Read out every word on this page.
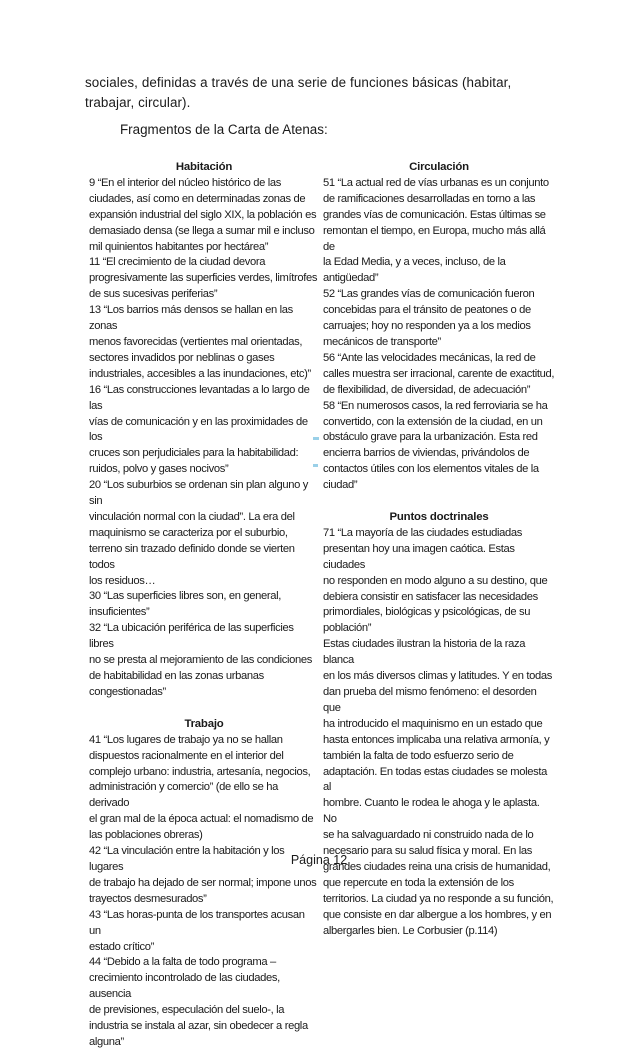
sociales, definidas a través de una serie de funciones básicas (habitar, trabajar, circular).
Fragmentos de la Carta de Atenas:
Habitación

9 “En el interior del núcleo histórico de las
ciudades, así como en determinadas zonas de
expansión industrial del siglo XIX, la población es
demasiado densa (se llega a sumar mil e incluso
mil quinientos habitantes por hectárea”
11 “El crecimiento de la ciudad devora
progresivamente las superficies verdes, limítrofes
de sus sucesivas periferias”
13 “Los barrios más densos se hallan en las zonas
menos favorecidas (vertientes mal orientadas,
sectores invadidos por neblinas o gases
industriales, accesibles a las inundaciones, etc)”
16 “Las construcciones levantadas a lo largo de las
vías de comunicación y en las proximidades de los
cruces son perjudiciales para la habitabilidad:
ruidos, polvo y gases nocivos”
20 “Los suburbios se ordenan sin plan alguno y sin
vinculación normal con la ciudad”. La era del
maquinismo se caracteriza por el suburbio,
terreno sin trazado definido donde se vierten todos
los residuos…
30 “Las superficies libres son, en general,
insuficientes”
32 “La ubicación periférica de las superficies libres
no se presta al mejoramiento de las condiciones
de habitabilidad en las zonas urbanas
congestionadas”

Trabajo

41 “Los lugares de trabajo ya no se hallan
dispuestos racionalmente en el interior del
complejo urbano: industria, artesanía, negocios,
administración y comercio” (de ello se ha derivado
el gran mal de la época actual: el nomadismo de
las poblaciones obreras)
42 “La vinculación entre la habitación y los lugares
de trabajo ha dejado de ser normal; impone unos
trayectos desmesurados”
43 “Las horas-punta de los transportes acusan un
estado crítico”
44 “Debido a la falta de todo programa –
crecimiento incontrolado de las ciudades, ausencia
de previsiones, especulación del suelo-, la
industria se instala al azar, sin obedecer a regla
alguna”

Circulación

51 “La actual red de vías urbanas es un conjunto
de ramificaciones desarrolladas en torno a las
grandes vías de comunicación. Estas últimas se
remontan el tiempo, en Europa, mucho más allá de
la Edad Media, y a veces, incluso, de la
antigüedad”
52 “Las grandes vías de comunicación fueron
concebidas para el tránsito de peatones o de
carruajes; hoy no responden ya a los medios
mecánicos de transporte”
56 “Ante las velocidades mecánicas, la red de
calles muestra ser irracional, carente de exactitud,
de flexibilidad, de diversidad, de adecuación”
58 “En numerosos casos, la red ferroviaria se ha
convertido, con la extensión de la ciudad, en un
obstáculo grave para la urbanización. Esta red
encierra barrios de viviendas, privándolos de
contactos útiles con los elementos vitales de la
ciudad”

Puntos doctrinales

71 “La mayoría de las ciudades estudiadas
presentan hoy una imagen caótica. Estas ciudades
no responden en modo alguno a su destino, que
debiera consistir en satisfacer las necesidades
primordiales, biológicas y psicológicas, de su
población”
Estas ciudades ilustran la historia de la raza blanca
en los más diversos climas y latitudes. Y en todas
dan prueba del mismo fenómeno: el desorden que
ha introducido el maquinismo en un estado que
hasta entonces implicaba una relativa armonía, y
también la falta de todo esfuerzo serio de
adaptación. En todas estas ciudades se molesta al
hombre. Cuanto le rodea le ahoga y le aplasta. No
se ha salvaguardado ni construido nada de lo
necesario para su salud física y moral. En las
grandes ciudades reina una crisis de humanidad,
que repercute en toda la extensión de los
territorios. La ciudad ya no responde a su función,
que consiste en dar albergue a los hombres, y en
albergarles bien. Le Corbusier (p.114)

Página 12
